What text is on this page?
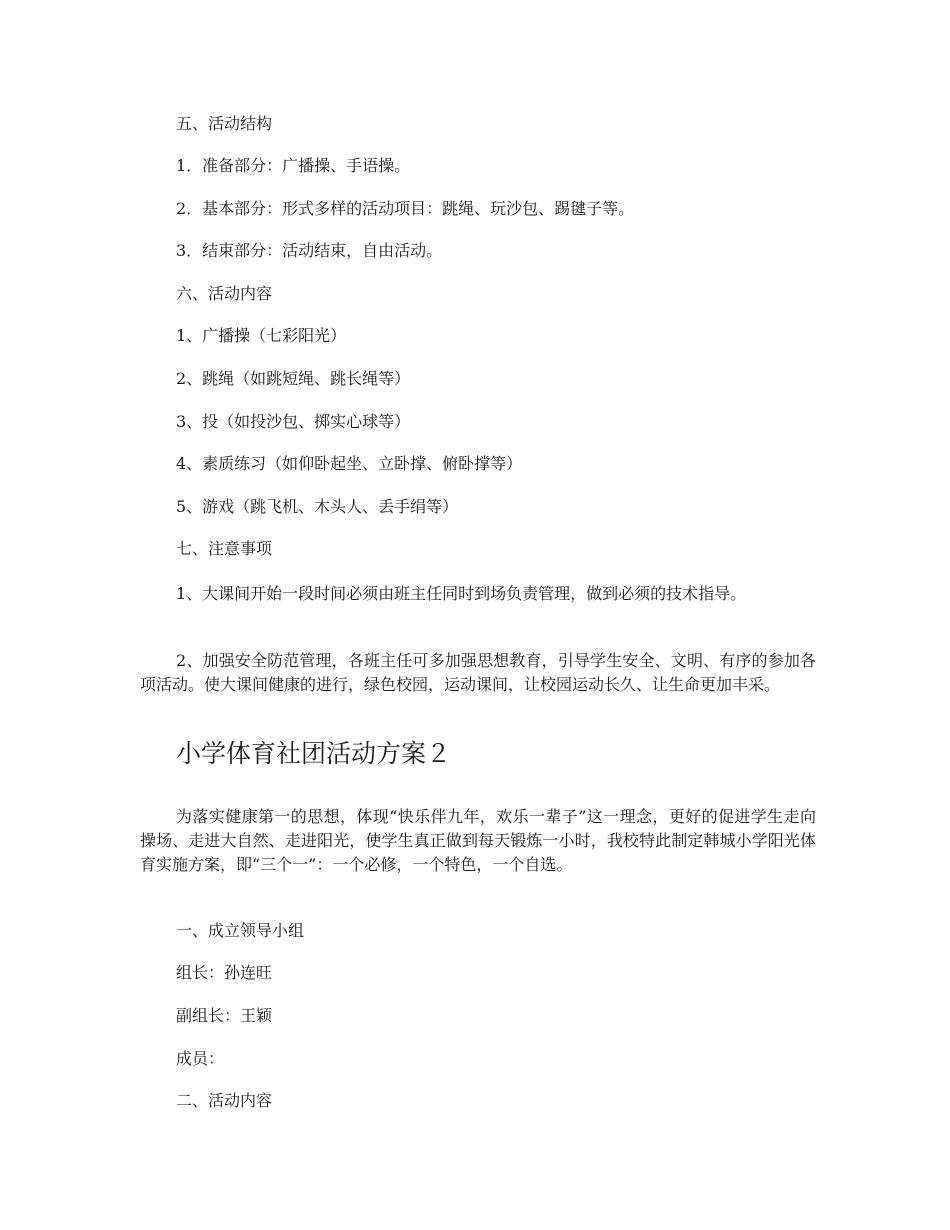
五、活动结构
1．准备部分：广播操、手语操。
2．基本部分：形式多样的活动项目：跳绳、玩沙包、踢毽子等。
3．结束部分：活动结束，自由活动。
六、活动内容
1、广播操（七彩阳光）
2、跳绳（如跳短绳、跳长绳等）
3、投（如投沙包、掷实心球等）
4、素质练习（如仰卧起坐、立卧撑、俯卧撑等）
5、游戏（跳飞机、木头人、丢手绢等）
七、注意事项
1、大课间开始一段时间必须由班主任同时到场负责管理，做到必须的技术指导。
2、加强安全防范管理，各班主任可多加强思想教育，引导学生安全、文明、有序的参加各项活动。使大课间健康的进行，绿色校园，运动课间，让校园运动长久、让生命更加丰采。
小学体育社团活动方案２
为落实健康第一的思想，体现“快乐伴九年，欢乐一辈子”这一理念，更好的促进学生走向操场、走进大自然、走进阳光，使学生真正做到每天锻炼一小时，我校特此制定韩城小学阳光体育实施方案，即“三个一”：一个必修，一个特色，一个自选。
一、成立领导小组
组长：孙连旺
副组长：王颖
成员：
二、活动内容
